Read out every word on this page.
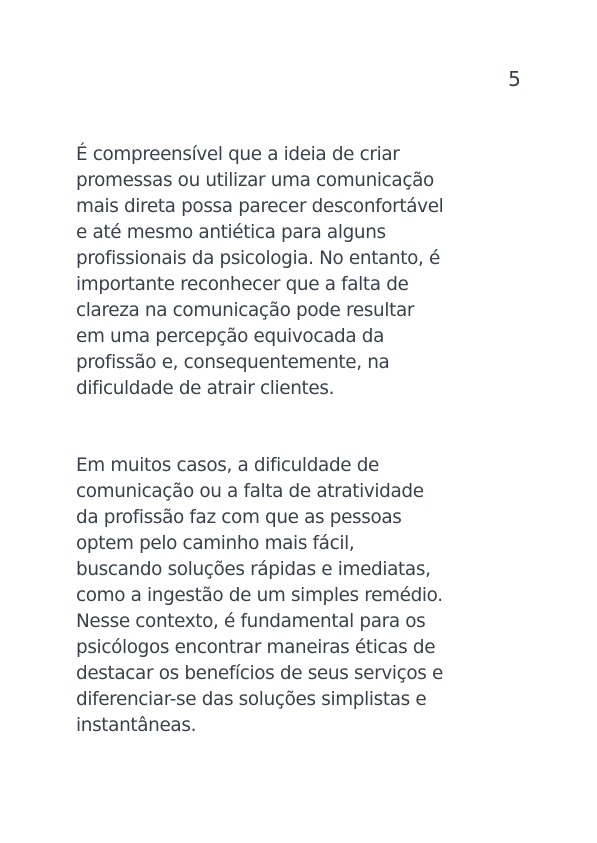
5

É compreensível que a ideia de criar
promessas ou utilizar uma comunicação
mais direta possa parecer desconfortável
e até mesmo antiética para alguns
profissionais da psicologia. No entanto, é
importante reconhecer que a falta de
clareza na comunicação pode resultar
em uma percepção equivocada da
profissão e, consequentemente, na
dificuldade de atrair clientes.

Em muitos casos, a dificuldade de
comunicação ou a falta de atratividade
da profissão faz com que as pessoas
optem pelo caminho mais fácil,
buscando soluções rápidas e imediatas,
como a ingestão de um simples remédio.
Nesse contexto, é fundamental para os
psicólogos encontrar maneiras éticas de
destacar os benefícios de seus serviços e
diferenciar-se das soluções simplistas e
instantâneas.
